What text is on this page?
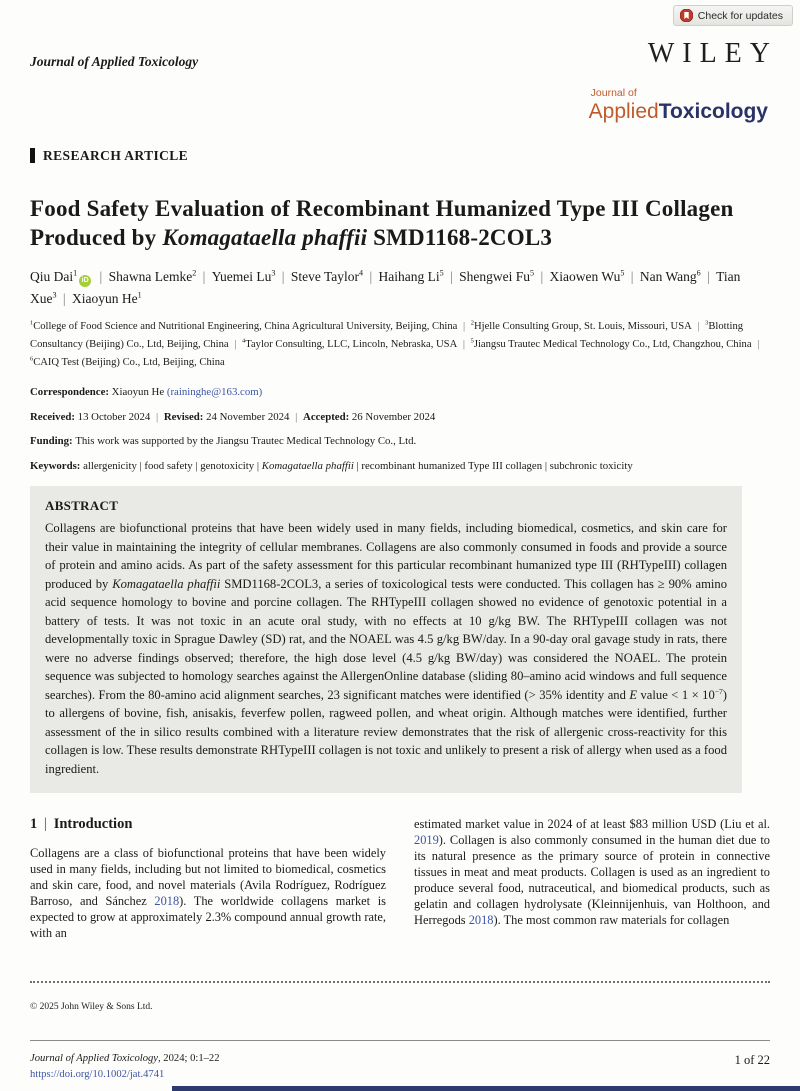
Check for updates
Journal of Applied Toxicology	WILEY
Journal of
AppliedToxicology
RESEARCH ARTICLE
Food Safety Evaluation of Recombinant Humanized Type III Collagen Produced by Komagataella phaffii SMD1168-2COL3
Qiu Dai$^1$iD | Shawna Lemke$^2$ | Yuemei Lu$^3$ | Steve Taylor$^4$ | Haihang Li$^5$ | Shengwei Fu$^5$ | Xiaowen Wu$^5$ | Nan Wang$^6$ | Tian Xue$^3$ | Xiaoyun He$^1$
$^1$College of Food Science and Nutritional Engineering, China Agricultural University, Beijing, China | $^2$Hjelle Consulting Group, St. Louis, Missouri, USA | $^3$Blotting Consultancy (Beijing) Co., Ltd, Beijing, China | $^4$Taylor Consulting, LLC, Lincoln, Nebraska, USA | $^5$Jiangsu Trautec Medical Technology Co., Ltd, Changzhou, China | $^6$CAIQ Test (Beijing) Co., Ltd, Beijing, China
Correspondence: Xiaoyun He (raininghe@163.com)
Received: 13 October 2024 | Revised: 24 November 2024 | Accepted: 26 November 2024
Funding: This work was supported by the Jiangsu Trautec Medical Technology Co., Ltd.
Keywords: allergenicity | food safety | genotoxicity | Komagataella phaffii | recombinant humanized Type III collagen | subchronic toxicity
ABSTRACT

Collagens are biofunctional proteins that have been widely used in many fields, including biomedical, cosmetics, and skin care for their value in maintaining the integrity of cellular membranes. Collagens are also commonly consumed in foods and provide a source of protein and amino acids. As part of the safety assessment for this particular recombinant humanized type III (RHTypeIII) collagen produced by Komagataella phaffii SMD1168-2COL3, a series of toxicological tests were conducted. This collagen has ≥ 90% amino acid sequence homology to bovine and porcine collagen. The RHTypeIII collagen showed no evidence of genotoxic potential in a battery of tests. It was not toxic in an acute oral study, with no effects at 10 g/kg BW. The RHTypeIII collagen was not developmentally toxic in Sprague Dawley (SD) rat, and the NOAEL was 4.5 g/kg BW/day. In a 90-day oral gavage study in rats, there were no adverse findings observed; therefore, the high dose level (4.5 g/kg BW/day) was considered the NOAEL. The protein sequence was subjected to homology searches against the AllergenOnline database (sliding 80–amino acid windows and full sequence searches). From the 80-amino acid alignment searches, 23 significant matches were identified (> 35% identity and E value < $1 \times 10^{-7}$) to allergens of bovine, fish, anisakis, feverfew pollen, ragweed pollen, and wheat origin. Although matches were identified, further assessment of the in silico results combined with a literature review demonstrates that the risk of allergenic cross-reactivity for this collagen is low. These results demonstrate RHTypeIII collagen is not toxic and unlikely to present a risk of allergy when used as a food ingredient.

1 | Introduction

Collagens are a class of biofunctional proteins that have been widely used in many fields, including but not limited to biomedical, cosmetics and skin care, food, and novel materials (Avila Rodríguez, Rodríguez Barroso, and Sánchez 2018). The worldwide collagens market is expected to grow at approximately 2.3% compound annual growth rate, with an

estimated market value in 2024 of at least $83 million USD (Liu et al. 2019). Collagen is also commonly consumed in the human diet due to its natural presence as the primary source of protein in connective tissues in meat and meat products. Collagen is used as an ingredient to produce several food, nutraceutical, and biomedical products, such as gelatin and collagen hydrolysate (Kleinnijenhuis, van Holthoon, and Herregods 2018). The most common raw materials for collagen

© 2025 John Wiley & Sons Ltd.
Journal of Applied Toxicology, 2024; 0:1–22
https://doi.org/10.1002/jat.4741
1 of 22
